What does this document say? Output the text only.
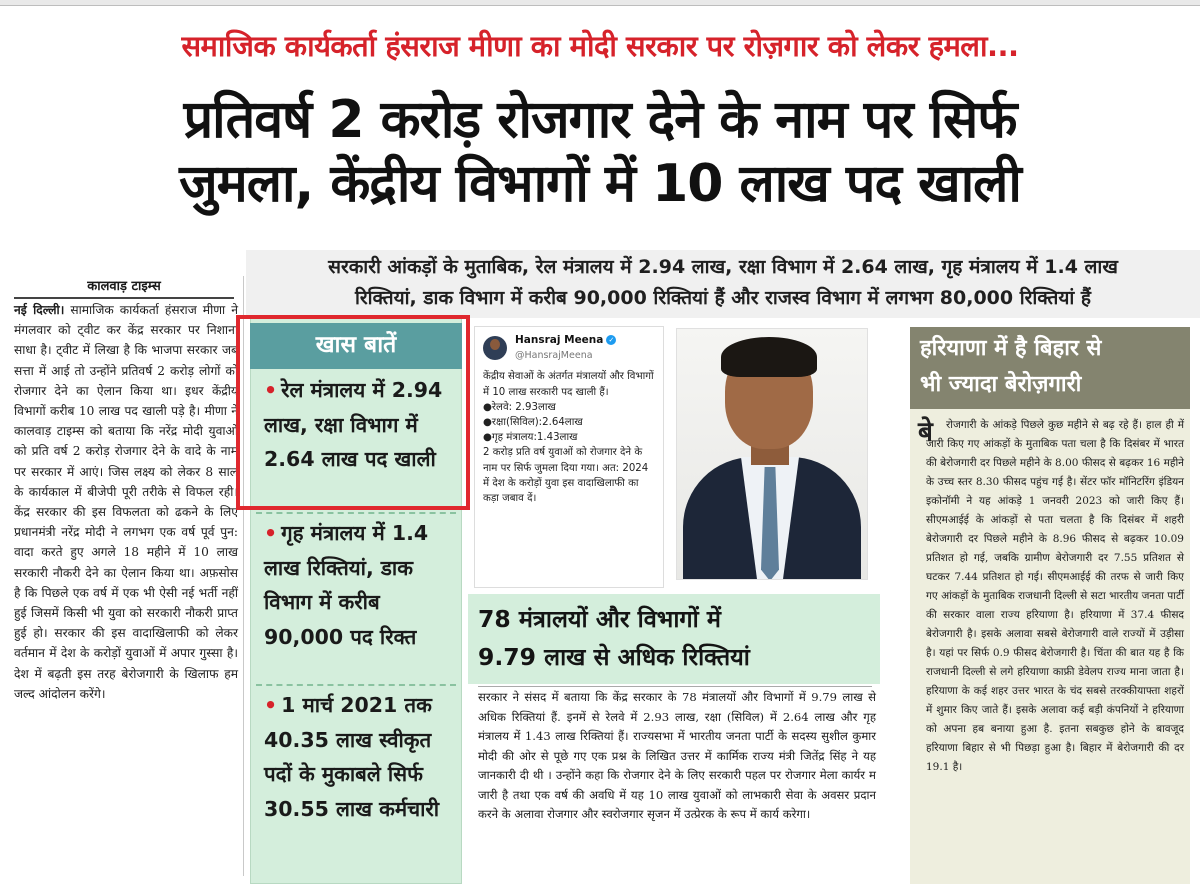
समाजिक कार्यकर्ता हंसराज मीणा का मोदी सरकार पर रोज़गार को लेकर हमला...
प्रतिवर्ष 2 करोड़ रोजगार देने के नाम पर सिर्फ
जुमला, केंद्रीय विभागों में 10 लाख पद खाली
सरकारी आंकड़ों के मुताबिक, रेल मंत्रालय में 2.94 लाख, रक्षा विभाग में 2.64 लाख, गृह मंत्रालय में 1.4 लाख
रिक्तियां, डाक विभाग में करीब 90,000 रिक्तियां हैं और राजस्व विभाग में लगभग 80,000 रिक्तियां हैं
कालवाड़ टाइम्स
नई दिल्ली। सामाजिक कार्यकर्ता हंसराज मीणा ने मंगलवार को ट्वीट कर केंद्र सरकार पर निशाना साधा है। ट्वीट में लिखा है कि भाजपा सरकार जब सत्ता में आई तो उन्होंने प्रतिवर्ष 2 करोड़ लोगों को रोजगार देने का ऐलान किया था। इधर केंद्रीय विभागों करीब 10 लाख पद खाली पड़े है। मीणा ने कालवाड़ टाइम्स को बताया कि नरेंद्र मोदी युवाओं को प्रति वर्ष 2 करोड़ रोजगार देने के वादे के नाम पर सरकार में आएं। जिस लक्ष्य को लेकर 8 साल के कार्यकाल में बीजेपी पूरी तरीके से विफल रही। केंद्र सरकार की इस विफलता को ढकने के लिए प्रधानमंत्री नरेंद्र मोदी ने लगभग एक वर्ष पूर्व पुन: वादा करते हुए अगले 18 महीने में 10 लाख सरकारी नौकरी देने का ऐलान किया था। अफ़सोस है कि पिछले एक वर्ष में एक भी ऐसी नई भर्ती नहीं हुई जिसमें किसी भी युवा को सरकारी नौकरी प्राप्त हुई हो। सरकार की इस वादाखिलाफी को लेकर वर्तमान में देश के करोड़ों युवाओं में अपार गुस्सा है। देश में बढ़ती इस तरह बेरोजगारी के खिलाफ हम जल्द आंदोलन करेंगे।
खास बातें
• रेल मंत्रालय में 2.94 लाख, रक्षा विभाग में 2.64 लाख पद खाली
• गृह मंत्रालय में 1.4 लाख रिक्तियां, डाक विभाग में करीब 90,000 पद रिक्त
• 1 मार्च 2021 तक 40.35 लाख स्वीकृत पदों के मुकाबले सिर्फ 30.55 लाख कर्मचारी
Hansraj Meena ✓
@HansrajMeena
केंद्रीय सेवाओं के अंतर्गत मंत्रालयों और विभागों में 10 लाख सरकारी पद खाली हैं।
●रेलवे: 2.93लाख
●रक्षा(सिविल):2.64लाख
●गृह मंत्रालय:1.43लाख
2 करोड़ प्रति वर्ष युवाओं को रोजगार देने के नाम पर सिर्फ जुमला दिया गया। अत: 2024 में देश के करोड़ों युवा इस वादाखिलाफी का कड़ा जबाव दें।
78 मंत्रालयों और विभागों में
9.79 लाख से अधिक रिक्तियां
सरकार ने संसद में बताया कि केंद्र सरकार के 78 मंत्रालयों और विभागों में 9.79 लाख से अधिक रिक्तियां हैं. इनमें से रेलवे में 2.93 लाख, रक्षा (सिविल) में 2.64 लाख और गृह मंत्रालय में 1.43 लाख रिक्तियां हैं। राज्यसभा में भारतीय जनता पार्टी के सदस्य सुशील कुमार मोदी की ओर से पूछे गए एक प्रश्न के लिखित उत्तर में कार्मिक राज्य मंत्री जितेंद्र सिंह ने यह जानकारी दी थी । उन्होंने कहा कि रोजगार देने के लिए सरकारी पहल पर रोजगार मेला कार्यर म जारी है तथा एक वर्ष की अवधि में यह 10 लाख युवाओं को लाभकारी सेवा के अवसर प्रदान करने के अलावा रोजगार और स्वरोजगार सृजन में उत्प्रेरक के रूप में कार्य करेगा।
हरियाणा में है बिहार से
भी ज्यादा बेरोज़गारी
बे	रोजगारी के आंकड़े पिछले कुछ महीने से बढ़ रहे हैं। हाल ही में जारी किए गए आंकड़ों के मुताबिक पता चला है कि दिसंबर में भारत की बेरोजगारी दर पिछले महीने के 8.00 फीसद से बढ़कर 16 महीने के उच्च स्तर 8.30 फीसद पहुंच गई है। सेंटर फॉर मॉनिटरिंग इंडियन इकोनॉमी ने यह आंकड़े 1 जनवरी 2023 को जारी किए हैं। सीएमआईई के आंकड़ों से पता चलता है कि दिसंबर में शहरी बेरोजगारी दर पिछले महीने के 8.96 फीसद से बढ़कर 10.09 प्रतिशत हो गई, जबकि ग्रामीण बेरोजगारी दर 7.55 प्रतिशत से घटकर 7.44 प्रतिशत हो गई। सीएमआईई की तरफ से जारी किए गए आंकड़ों के मुताबिक राजधानी दिल्ली से सटा भारतीय जनता पार्टी की सरकार वाला राज्य हरियाणा है। हरियाणा में 37.4 फीसद बेरोजगारी है। इसके अलावा सबसे बेरोजगारी वाले राज्यों में उड़ीसा है। यहां पर सिर्फ 0.9 फीसद बेरोजगारी है। चिंता की बात यह है कि राजधानी दिल्ली से लगे हरियाणा काफ्री डेवेलप राज्य माना जाता है। हरियाणा के कई शहर उत्तर भारत के चंद सबसे तरक्कीयाफ्ता शहरों में शुमार किए जाते हैं। इसके अलावा कई बड़ी कंपनियों ने हरियाणा को अपना हब बनाया हुआ है. इतना सबकुछ होने के बावजूद हरियाणा बिहार से भी पिछड़ा हुआ है। बिहार में बेरोजगारी की दर 19.1 है।
